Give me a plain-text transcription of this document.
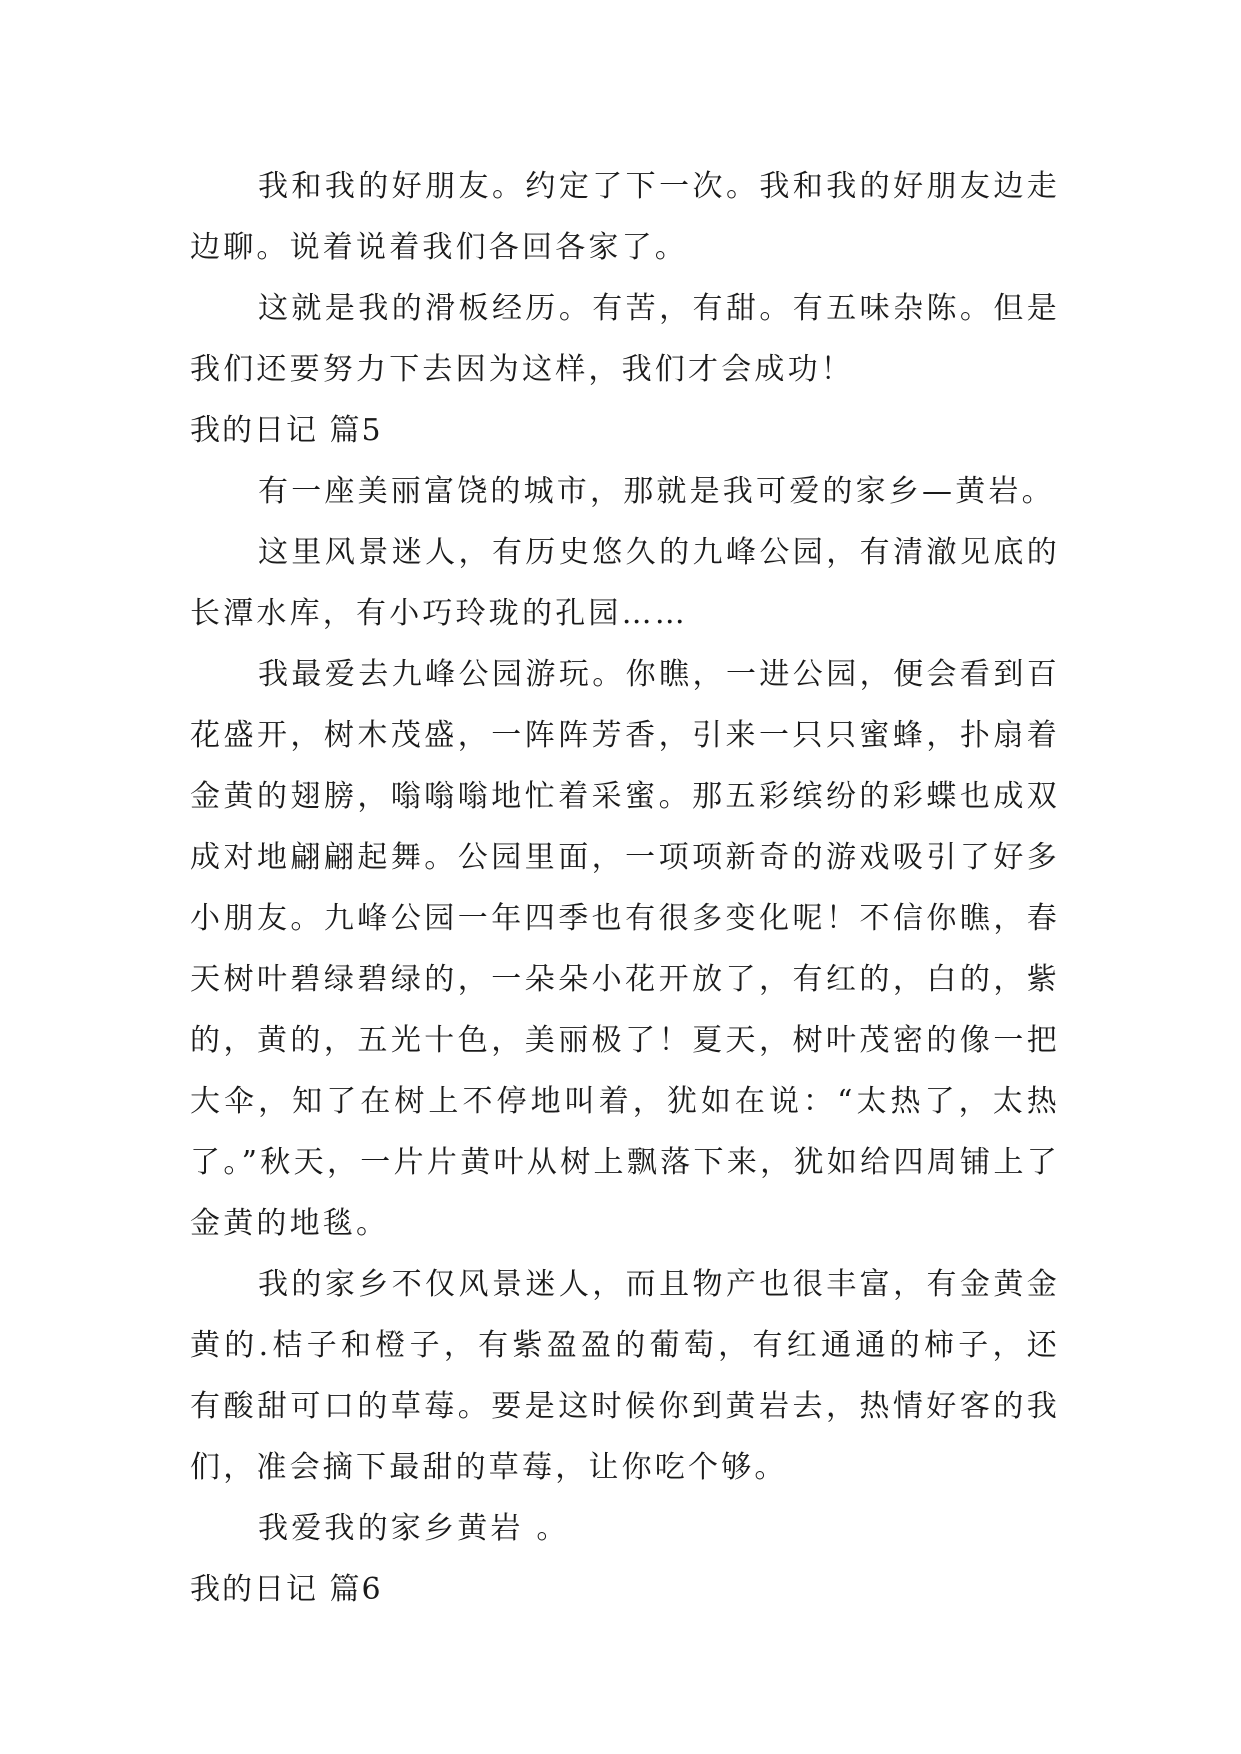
我和我的好朋友。约定了下一次。我和我的好朋友边走边聊。说着说着我们各回各家了。

这就是我的滑板经历。有苦，有甜。有五味杂陈。但是我们还要努力下去因为这样，我们才会成功！

我的日记 篇5

有一座美丽富饶的城市，那就是我可爱的家乡—黄岩。

这里风景迷人，有历史悠久的九峰公园，有清澈见底的长潭水库，有小巧玲珑的孔园……

我最爱去九峰公园游玩。你瞧，一进公园，便会看到百花盛开，树木茂盛，一阵阵芳香，引来一只只蜜蜂，扑扇着金黄的翅膀，嗡嗡嗡地忙着采蜜。那五彩缤纷的彩蝶也成双成对地翩翩起舞。公园里面，一项项新奇的游戏吸引了好多小朋友。九峰公园一年四季也有很多变化呢！不信你瞧，春天树叶碧绿碧绿的，一朵朵小花开放了，有红的，白的，紫的，黄的，五光十色，美丽极了！夏天，树叶茂密的像一把大伞，知了在树上不停地叫着，犹如在说：“太热了，太热了。”秋天，一片片黄叶从树上飘落下来，犹如给四周铺上了金黄的地毯。

我的家乡不仅风景迷人，而且物产也很丰富，有金黄金黄的.桔子和橙子，有紫盈盈的葡萄，有红通通的柿子，还有酸甜可口的草莓。要是这时候你到黄岩去，热情好客的我们，准会摘下最甜的草莓，让你吃个够。

我爱我的家乡黄岩 。

我的日记 篇6
